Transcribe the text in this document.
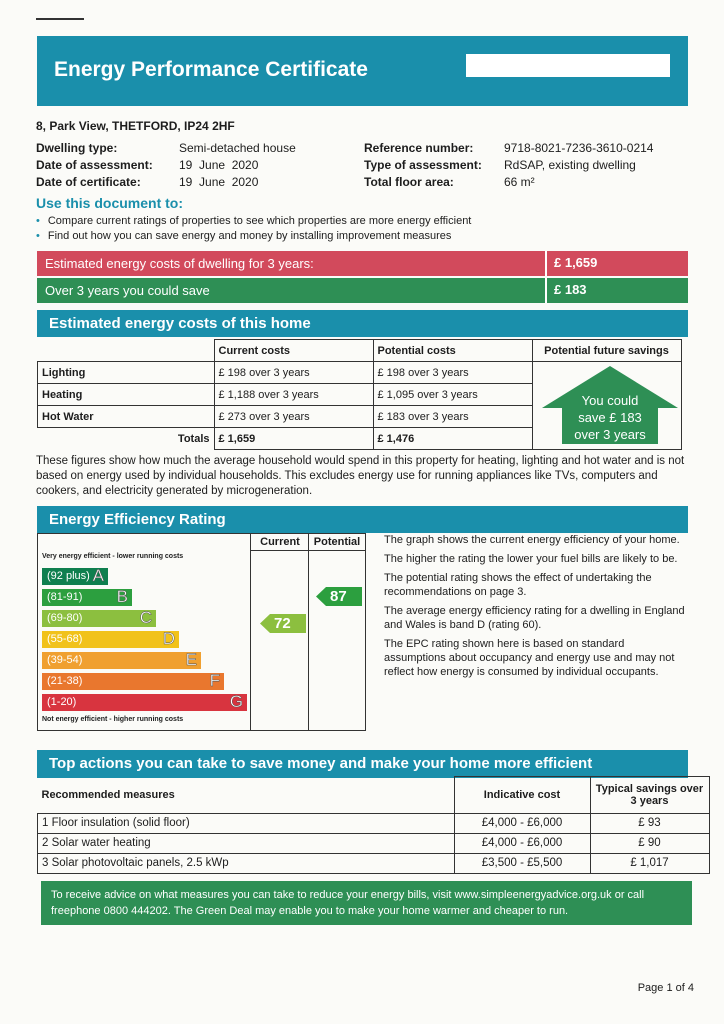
Energy Performance Certificate
8, Park View, THETFORD, IP24 2HF
Dwelling type:	Semi-detached house
Date of assessment: 19  June  2020
Date of certificate:	19  June  2020
Reference number:	9718-8021-7236-3610-0214
Type of assessment: RdSAP, existing dwelling
Total floor area:	66 m²
Use this document to:
• Compare current ratings of properties to see which properties are more energy efficient
• Find out how you can save energy and money by installing improvement measures
Estimated energy costs of dwelling for 3 years:	£ 1,659
Over 3 years you could save	£ 183
Estimated energy costs of this home
	Current costs	Potential costs	Potential future savings
Lighting	£ 198 over 3 years	£ 198 over 3 years	
Heating	£ 1,188 over 3 years	£ 1,095 over 3 years	
Hot Water	£ 273 over 3 years	£ 183 over 3 years	
Totals	£ 1,659	£ 1,476	
You could
save £ 183
over 3 years
These figures show how much the average household would spend in this property for heating, lighting and hot water and is not based on energy used by individual households. This excludes energy use for running appliances like TVs, computers and cookers, and electricity generated by microgeneration.
Energy Efficiency Rating
Current	Potential
Very energy efficient - lower running costs
(92 plus) A
(81-91) B
(69-80)	C
(55-68)	D
(39-54)	E
(21-38)	F
(1-20)	G
Not energy efficient - higher running costs
72
87
The graph shows the current energy efficiency of your home.
The higher the rating the lower your fuel bills are likely to be.
The potential rating shows the effect of undertaking the recommendations on page 3.
The average energy efficiency rating for a dwelling in England and Wales is band D (rating 60).
The EPC rating shown here is based on standard assumptions about occupancy and energy use and may not reflect how energy is consumed by individual occupants.
Top actions you can take to save money and make your home more efficient
Recommended measures	Indicative cost	Typical savings over 3 years
1 Floor insulation (solid floor)	£4,000 - £6,000	£ 93
2 Solar water heating	£4,000 - £6,000	£ 90
3 Solar photovoltaic panels, 2.5 kWp	£3,500 - £5,500	£ 1,017
To receive advice on what measures you can take to reduce your energy bills, visit www.simpleenergyadvice.org.uk or call freephone 0800 444202. The Green Deal may enable you to make your home warmer and cheaper to run.
Page 1 of 4
